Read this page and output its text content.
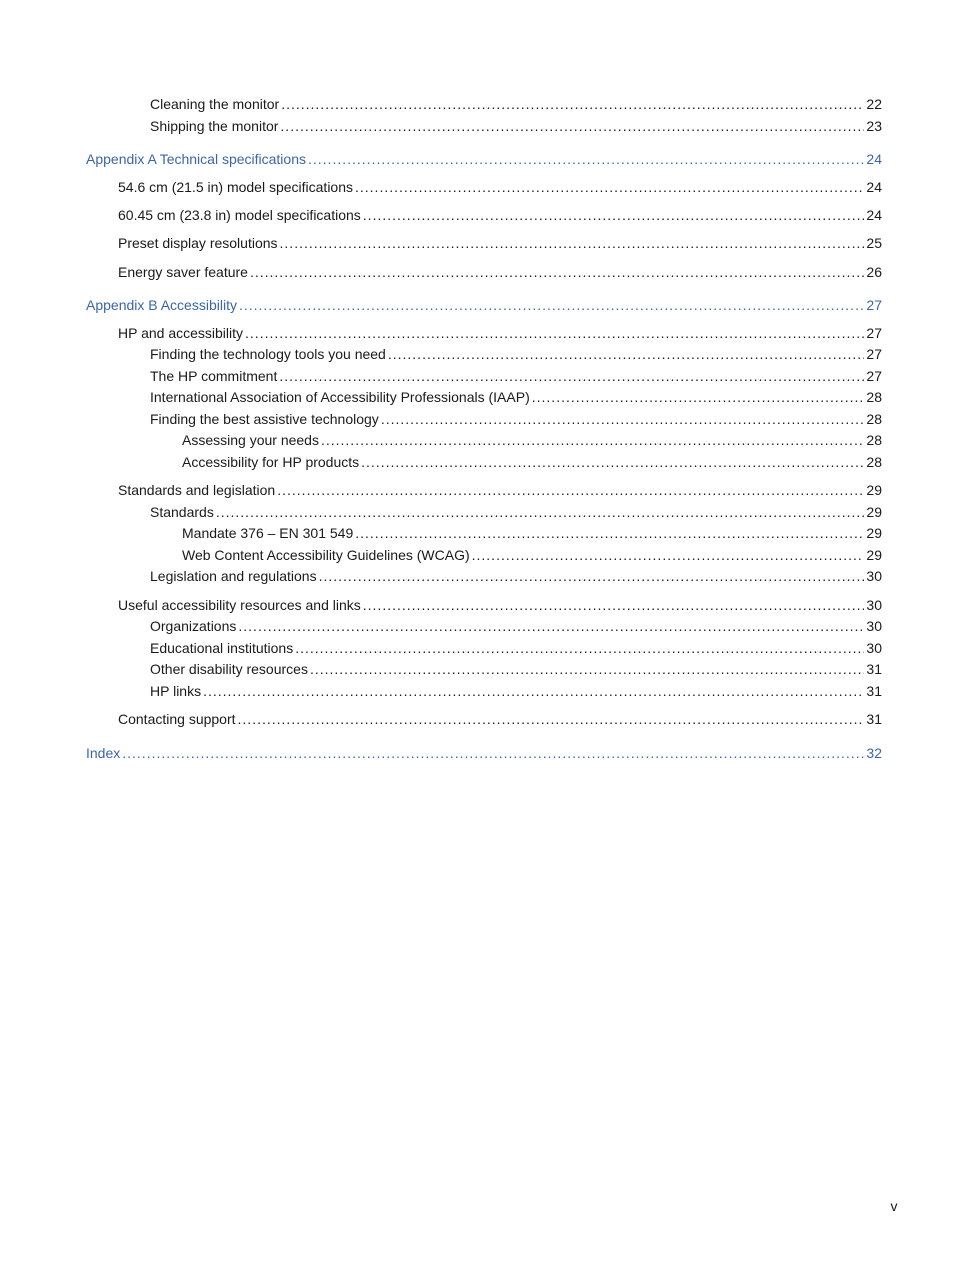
Cleaning the monitor .....	22
Shipping the monitor .....	23
Appendix A Technical specifications .....	24
54.6 cm (21.5 in) model specifications .....	24
60.45 cm (23.8 in) model specifications .....	24
Preset display resolutions .....	25
Energy saver feature .....	26
Appendix B Accessibility .....	27
HP and accessibility .....	27
Finding the technology tools you need .....	27
The HP commitment .....	27
International Association of Accessibility Professionals (IAAP) .....	28
Finding the best assistive technology .....	28
Assessing your needs .....	28
Accessibility for HP products .....	28
Standards and legislation .....	29
Standards .....	29
Mandate 376 – EN 301 549 .....	29
Web Content Accessibility Guidelines (WCAG) .....	29
Legislation and regulations .....	30
Useful accessibility resources and links .....	30
Organizations .....	30
Educational institutions .....	30
Other disability resources .....	31
HP links .....	31
Contacting support .....	31
Index .....	32
v
